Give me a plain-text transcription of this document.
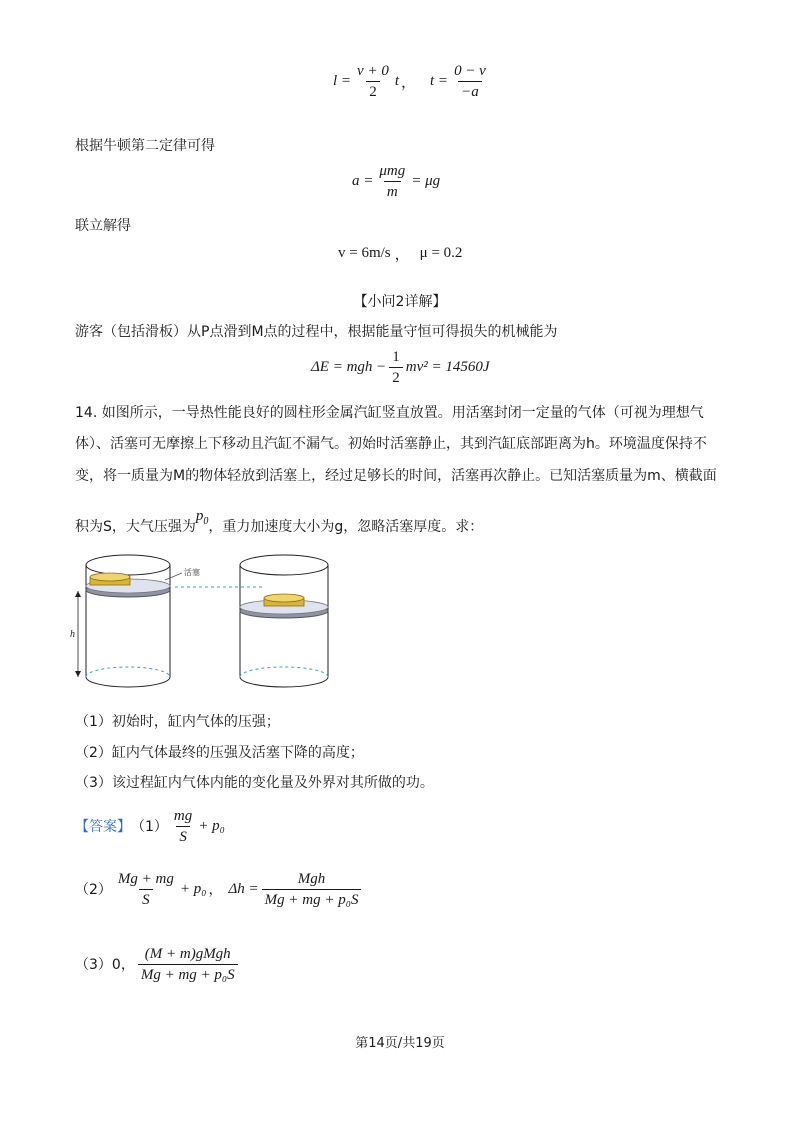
$l = \frac{v + 0}{2}$ t ， $t = \frac{0 - v}{-a}$
根据牛顿第二定律可得
$a = \frac{\text{μmg}}{m} = \mu g$
联立解得
v = 6m/s ， μ = 0.2
【小问2详解】
游客（包括滑板）从P点滑到M点的过程中，根据能量守恒可得损失的机械能为
ΔE = mgh − $\frac{1}{2} mv^2 = 14560J$
14. 如图所示，一导热性能良好的圆柱形金属汽缸竖直放置。用活塞封闭一定量的气体（可视为理想气
体）、活塞可无摩擦上下移动且汽缸不漏气。初始时活塞静止，其到汽缸底部距离为h。环境温度保持不
变，将一质量为M的物体轻放到活塞上，经过足够长的时间，活塞再次静止。已知活塞质量为m、横截面
积为S，大气压强为
$p_0$ ，重力加速度大小为g，忽略活塞厚度。求：
活塞
h
（1）初始时，缸内气体的压强；
（2）缸内气体最终的压强及活塞下降的高度；
（3）该过程缸内气体内能的变化量及外界对其所做的功。
【答案】 $(1) \frac{mg}{S} + p_0$
$(2) \frac{Mg + mg}{S} + p_0$ ， $\Delta h = \frac{\text{Mgh}}{\text{Mg + mg + p₀S}}$
（3）0， $\frac{\text{(M + m)gMgh}}{\text{Mg + mg + p₀S}}$
第14页/共19页
